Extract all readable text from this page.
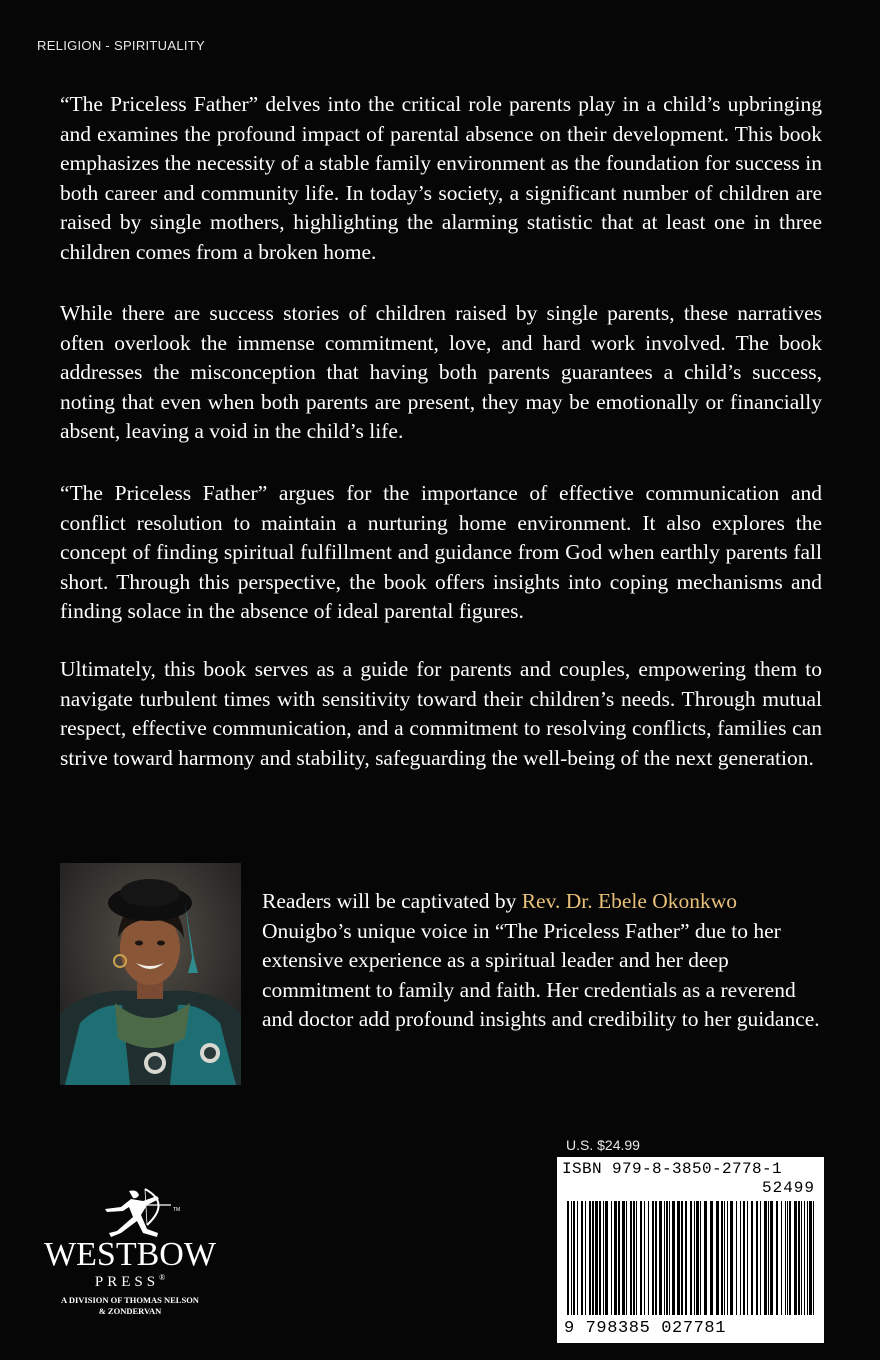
RELIGION - SPIRITUALITY

“The Priceless Father” delves into the critical role parents play in a child’s upbringing and examines the profound impact of parental absence on their development. This book emphasizes the necessity of a stable family environment as the foundation for success in both career and community life. In today’s society, a significant number of children are raised by single mothers, highlighting the alarming statistic that at least one in three children comes from a broken home.

While there are success stories of children raised by single parents, these narratives often overlook the immense commitment, love, and hard work involved. The book addresses the misconception that having both parents guarantees a child’s success, noting that even when both parents are present, they may be emotionally or financially absent, leaving a void in the child’s life.

“The Priceless Father” argues for the importance of effective communication and conflict resolution to maintain a nurturing home environment. It also explores the concept of finding spiritual fulfillment and guidance from God when earthly parents fall short. Through this perspective, the book offers insights into coping mechanisms and finding solace in the absence of ideal parental figures.

Ultimately, this book serves as a guide for parents and couples, empowering them to navigate turbulent times with sensitivity toward their children’s needs. Through mutual respect, effective communication, and a commitment to resolving conflicts, families can strive toward harmony and stability, safeguarding the well-being of the next generation.

Readers will be captivated by Rev. Dr. Ebele Okonkwo Onuigbo’s unique voice in “The Priceless Father” due to her extensive experience as a spiritual leader and her deep commitment to family and faith. Her credentials as a reverend and doctor add profound insights and credibility to her guidance.

U.S. $24.99
ISBN 979-8-3850-2778-1
52499
9 798385 027781
TM
WESTBOW
PRESS®
A DIVISION OF THOMAS NELSON
& ZONDERVAN
